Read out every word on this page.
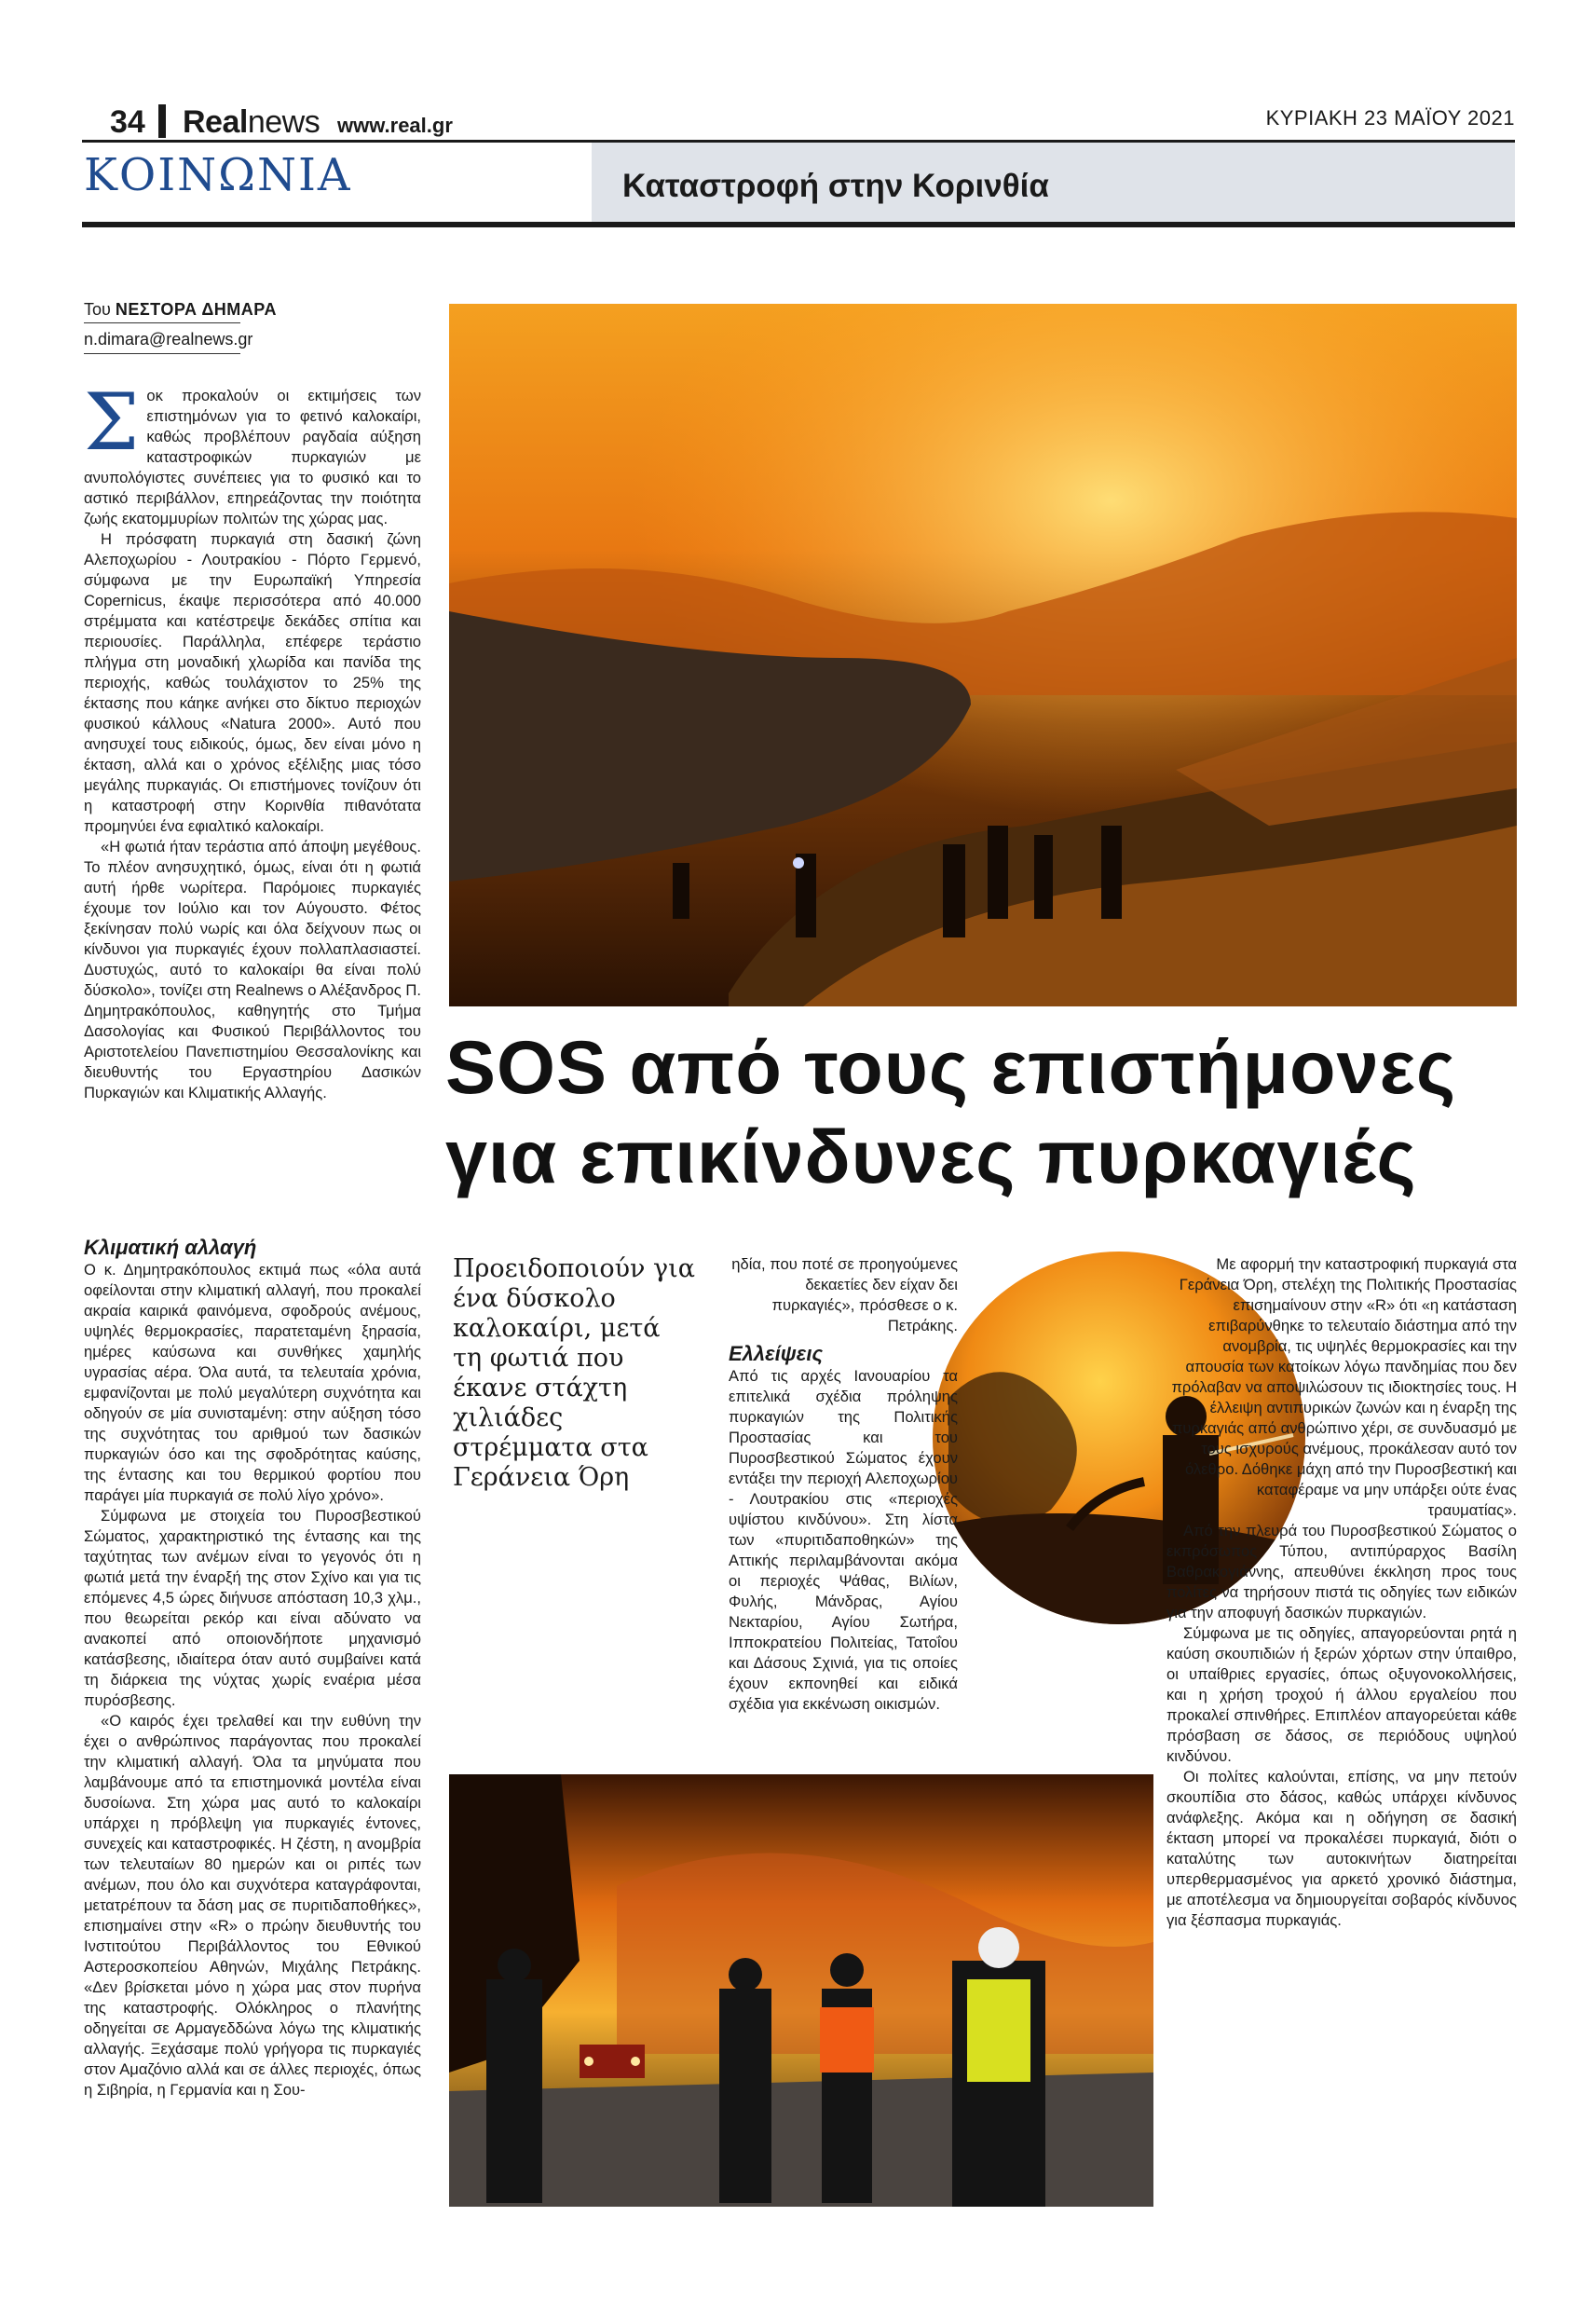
34 Realnews www.real.gr	ΚΥΡΙΑΚΗ 23 ΜΑΪΟΥ 2021
ΚΟΙΝΩΝΙΑ	Καταστροφή στην Κορινθία
Του ΝΕΣΤΟΡΑ ΔΗΜΑΡΑ
n.dimara@realnews.gr
Σ οκ προκαλούν οι εκτιμήσεις των επιστημόνων για το φετινό καλοκαίρι, καθώς προβλέπουν ραγδαία αύξηση καταστροφικών πυρκαγιών με ανυπολόγιστες συνέπειες για το φυσικό και το αστικό περιβάλλον, επηρεάζοντας την ποιότητα ζωής εκατομμυρίων πολιτών της χώρας μας.

Η πρόσφατη πυρκαγιά στη δασική ζώνη Αλεποχωρίου - Λουτρακίου - Πόρτο Γερμενό, σύμφωνα με την Ευρωπαϊκή Υπηρεσία Copernicus, έκαψε περισσότερα από 40.000 στρέμματα και κατέστρεψε δεκάδες σπίτια και περιουσίες. Παράλληλα, επέφερε τεράστιο πλήγμα στη μοναδική χλωρίδα και πανίδα της περιοχής, καθώς τουλάχιστον το 25% της έκτασης που κάηκε ανήκει στο δίκτυο περιοχών φυσικού κάλλους «Natura 2000». Αυτό που ανησυχεί τους ειδικούς, όμως, δεν είναι μόνο η έκταση, αλλά και ο χρόνος εξέλιξης μιας τόσο μεγάλης πυρκαγιάς. Οι επιστήμονες τονίζουν ότι η καταστροφή στην Κορινθία πιθανότατα προμηνύει ένα εφιαλτικό καλοκαίρι.

«Η φωτιά ήταν τεράστια από άποψη μεγέθους. Το πλέον ανησυχητικό, όμως, είναι ότι η φωτιά αυτή ήρθε νωρίτερα. Παρόμοιες πυρκαγιές έχουμε τον Ιούλιο και τον Αύγουστο. Φέτος ξεκίνησαν πολύ νωρίς και όλα δείχνουν πως οι κίνδυνοι για πυρκαγιές έχουν πολλαπλασιαστεί. Δυστυχώς, αυτό το καλοκαίρι θα είναι πολύ δύσκολο», τονίζει στη Realnews ο Αλέξανδρος Π. Δημητρακόπουλος, καθηγητής στο Τμήμα Δασολογίας και Φυσικού Περιβάλλοντος του Αριστοτελείου Πανεπιστημίου Θεσσαλονίκης και διευθυντής του Εργαστηρίου Δασικών Πυρκαγιών και Κλιματικής Αλλαγής.

Κλιματική αλλαγή

Ο κ. Δημητρακόπουλος εκτιμά πως «όλα αυτά οφείλονται στην κλιματική αλλαγή, που προκαλεί ακραία καιρικά φαινόμενα, σφοδρούς ανέμους, υψηλές θερμοκρασίες, παρατεταμένη ξηρασία, ημέρες καύσωνα και συνθήκες χαμηλής υγρασίας αέρα. Όλα αυτά, τα τελευταία χρόνια, εμφανίζονται με πολύ μεγαλύτερη συχνότητα και οδηγούν σε μία συνισταμένη: στην αύξηση τόσο της συχνότητας του αριθμού των δασικών πυρκαγιών όσο και της σφοδρότητας καύσης, της έντασης και του θερμικού φορτίου που παράγει μία πυρκαγιά σε πολύ λίγο χρόνο».

Σύμφωνα με στοιχεία του Πυροσβεστικού Σώματος, χαρακτηριστικό της έντασης και της ταχύτητας των ανέμων είναι το γεγονός ότι η φωτιά μετά την έναρξή της στον Σχίνο και για τις επόμενες 4,5 ώρες διήνυσε απόσταση 10,3 χλμ., που θεωρείται ρεκόρ και είναι αδύνατο να ανακοπεί από οποιονδήποτε μηχανισμό κατάσβεσης, ιδιαίτερα όταν αυτό συμβαίνει κατά τη διάρκεια της νύχτας χωρίς εναέρια μέσα πυρόσβεσης.

«Ο καιρός έχει τρελαθεί και την ευθύνη την έχει ο ανθρώπινος παράγοντας που προκαλεί την κλιματική αλλαγή. Όλα τα μηνύματα που λαμβάνουμε από τα επιστημονικά μοντέλα είναι δυσοίωνα. Στη χώρα μας αυτό το καλοκαίρι υπάρχει η πρόβλεψη για πυρκαγιές έντονες, συνεχείς και καταστροφικές. Η ζέστη, η ανομβρία των τελευταίων 80 ημερών και οι ριπές των ανέμων, που όλο και συχνότερα καταγράφονται, μετατρέπουν τα δάση μας σε πυριτιδαποθήκες», επισημαίνει στην «R» ο πρώην διευθυντής του Ινστιτούτου Περιβάλλοντος του Εθνικού Αστεροσκοπείου Αθηνών, Μιχάλης Πετράκης. «Δεν βρίσκεται μόνο η χώρα μας στον πυρήνα της καταστροφής. Ολόκληρος ο πλανήτης οδηγείται σε Αρμαγεδδώνα λόγω της κλιματικής αλλαγής. Ξεχάσαμε πολύ γρήγορα τις πυρκαγιές στον Αμαζόνιο αλλά και σε άλλες περιοχές, όπως η Σιβηρία, η Γερμανία και η Σου-

SOS από τους επιστήμονες
για επικίνδυνες πυρκαγιές
Προειδοποιούν για ένα δύσκολο καλοκαίρι, μετά τη φωτιά που έκανε στάχτη χιλιάδες στρέμματα στα Γεράνεια Όρη

ηδία, που ποτέ σε προηγούμενες δεκαετίες δεν είχαν δει πυρκαγιές», πρόσθεσε ο κ. Πετράκης.

Ελλείψεις

Από τις αρχές Ιανουαρίου τα επιτελικά σχέδια πρόληψης πυρκαγιών της Πολιτικής Προστασίας και του Πυροσβεστικού Σώματος έχουν εντάξει την περιοχή Αλεποχωρίου - Λουτρακίου στις «περιοχές υψίστου κινδύνου». Στη λίστα των «πυριτιδαποθηκών» της Αττικής περιλαμβάνονται ακόμα οι περιοχές Ψάθας, Βιλίων, Φυλής, Μάνδρας, Αγίου Νεκταρίου, Αγίου Σωτήρα, Ιπποκρατείου Πολιτείας, Τατοΐου και Δάσους Σχινιά, για τις οποίες έχουν εκπονηθεί και ειδικά σχέδια για εκκένωση οικισμών.

Με αφορμή την καταστροφική πυρκαγιά στα Γεράνεια Όρη, στελέχη της Πολιτικής Προστασίας επισημαίνουν στην «R» ότι «η κατάσταση επιβαρύνθηκε το τελευταίο διάστημα από την ανομβρία, τις υψηλές θερμοκρασίες και την απουσία των κατοίκων λόγω πανδημίας που δεν πρόλαβαν να αποψιλώσουν τις ιδιοκτησίες τους. Η έλλειψη αντιπυρικών ζωνών και η έναρξη της πυρκαγιάς από ανθρώπινο χέρι, σε συνδυασμό με τους ισχυρούς ανέμους, προκάλεσαν αυτό τον όλεθρο. Δόθηκε μάχη από την Πυροσβεστική και καταφέραμε να μην υπάρξει ούτε ένας τραυματίας».

Από την πλευρά του Πυροσβεστικού Σώματος ο εκπρόσωπος Τύπου, αντιπύραρχος Βασίλη Βαθρακογιάννης, απευθύνει έκκληση προς τους πολίτες να τηρήσουν πιστά τις οδηγίες των ειδικών για την αποφυγή δασικών πυρκαγιών.

Σύμφωνα με τις οδηγίες, απαγορεύονται ρητά η καύση σκουπιδιών ή ξερών χόρτων στην ύπαιθρο, οι υπαίθριες εργασίες, όπως οξυγονοκολλήσεις, και η χρήση τροχού ή άλλου εργαλείου που προκαλεί σπινθήρες. Επιπλέον απαγορεύεται κάθε πρόσβαση σε δάσος, σε περιόδους υψηλού κινδύνου.

Οι πολίτες καλούνται, επίσης, να μην πετούν σκουπίδια στο δάσος, καθώς υπάρχει κίνδυνος ανάφλεξης. Ακόμα και η οδήγηση σε δασική έκταση μπορεί να προκαλέσει πυρκαγιά, διότι ο καταλύτης των αυτοκινήτων διατηρείται υπερθερμασμένος για αρκετό χρονικό διάστημα, με αποτέλεσμα να δημιουργείται σοβαρός κίνδυνος για ξέσπασμα πυρκαγιάς.
